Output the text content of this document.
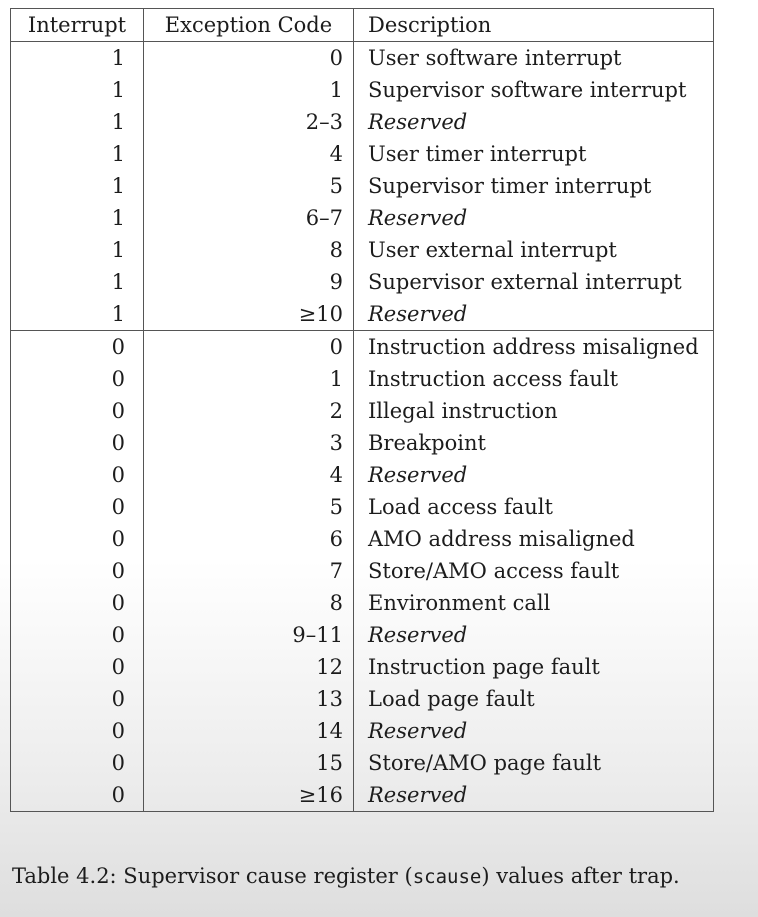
Interrupt	Exception Code	Description
1	0	User software interrupt
1	1	Supervisor software interrupt
1	2–3	Reserved
1	4	User timer interrupt
1	5	Supervisor timer interrupt
1	6–7	Reserved
1	8	User external interrupt
1	9	Supervisor external interrupt
1	≥10	Reserved
0	0	Instruction address misaligned
0	1	Instruction access fault
0	2	Illegal instruction
0	3	Breakpoint
0	4	Reserved
0	5	Load access fault
0	6	AMO address misaligned
0	7	Store/AMO access fault
0	8	Environment call
0	9–11	Reserved
0	12	Instruction page fault
0	13	Load page fault
0	14	Reserved
0	15	Store/AMO page fault
0	≥16	Reserved
Table 4.2: Supervisor cause register (scause) values after trap.
